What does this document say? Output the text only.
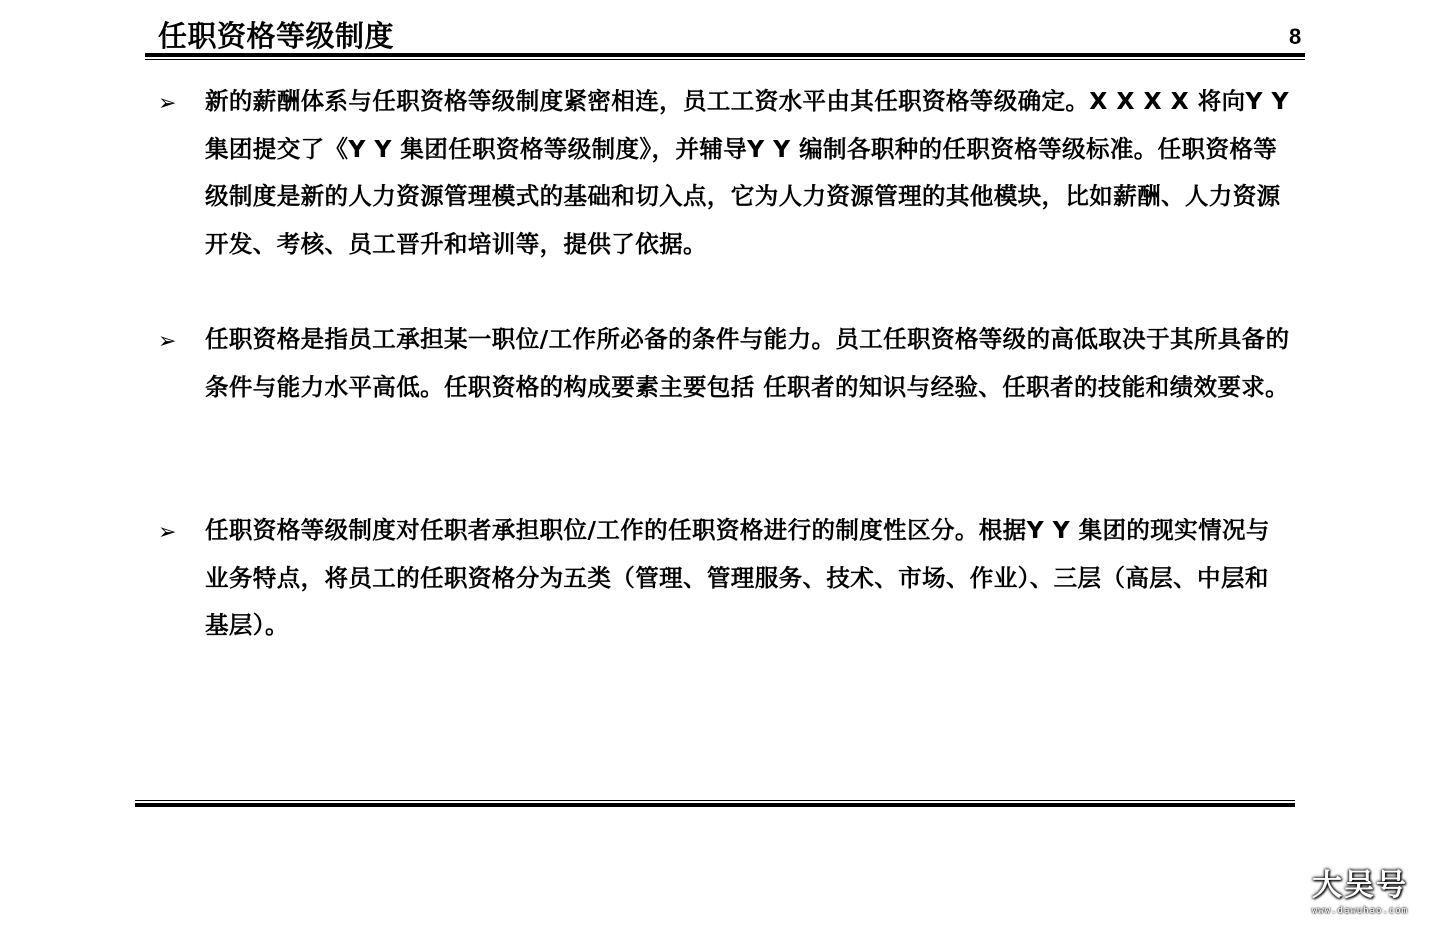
任职资格等级制度	8
➢ 新的薪酬体系与任职资格等级制度紧密相连，员工工资水平由其任职资格等级确定。X X X X 将向Y Y 集团提交了《Y Y 集团任职资格等级制度》，并辅导Y Y 编制各职种的任职资格等级标准。任职资格等级制度是新的人力资源管理模式的基础和切入点，它为人力资源管理的其他模块，比如薪酬、人力资源开发、考核、员工晋升和培训等，提供了依据。

➢ 任职资格是指员工承担某一职位/工作所必备的条件与能力。员工任职资格等级的高低取决于其所具备的条件与能力水平高低。任职资格的构成要素主要包括 任职者的知识与经验、任职者的技能和绩效要求。

➢ 任职资格等级制度对任职者承担职位/工作的任职资格进行的制度性区分。根据Y Y 集团的现实情况与业务特点，将员工的任职资格分为五类（管理、管理服务、技术、市场、作业）、三层（高层、中层和基层）。

大吴号
www.dawuhao.com
